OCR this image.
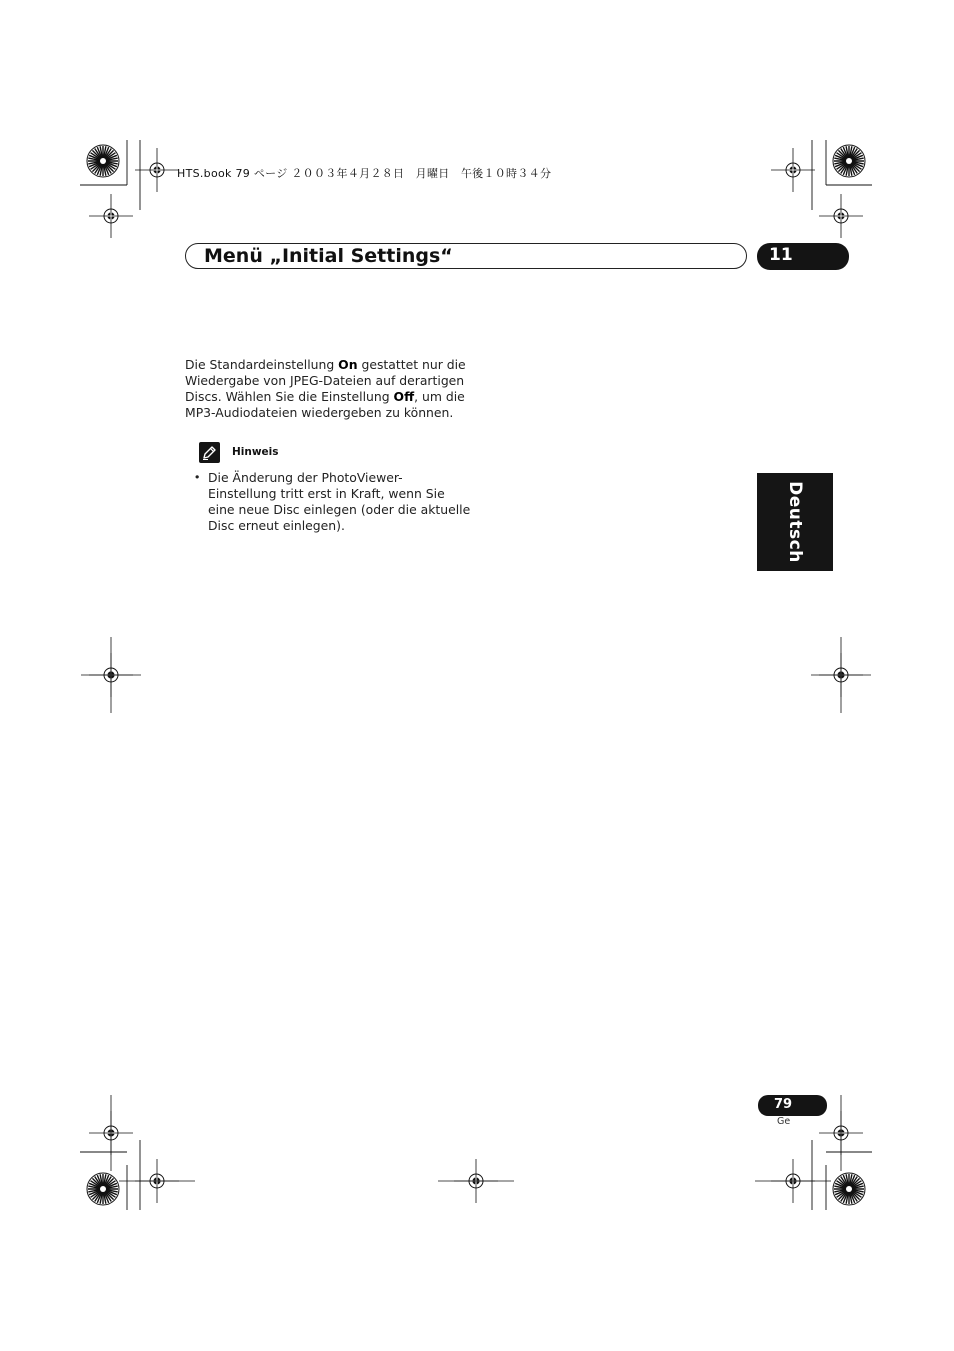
HTS.book 79 ページ ２００３年４月２８日　月曜日　午後１０時３４分
Menü „Initial Settings“	11
Die Standardeinstellung On gestattet nur die
Wiedergabe von JPEG-Dateien auf derartigen
Discs. Wählen Sie die Einstellung Off, um die
MP3-Audiodateien wiedergeben zu können.
Hinweis
• Die Änderung der PhotoViewer-
Einstellung tritt erst in Kraft, wenn Sie
eine neue Disc einlegen (oder die aktuelle
Disc erneut einlegen).	Deutsch
79
Ge
